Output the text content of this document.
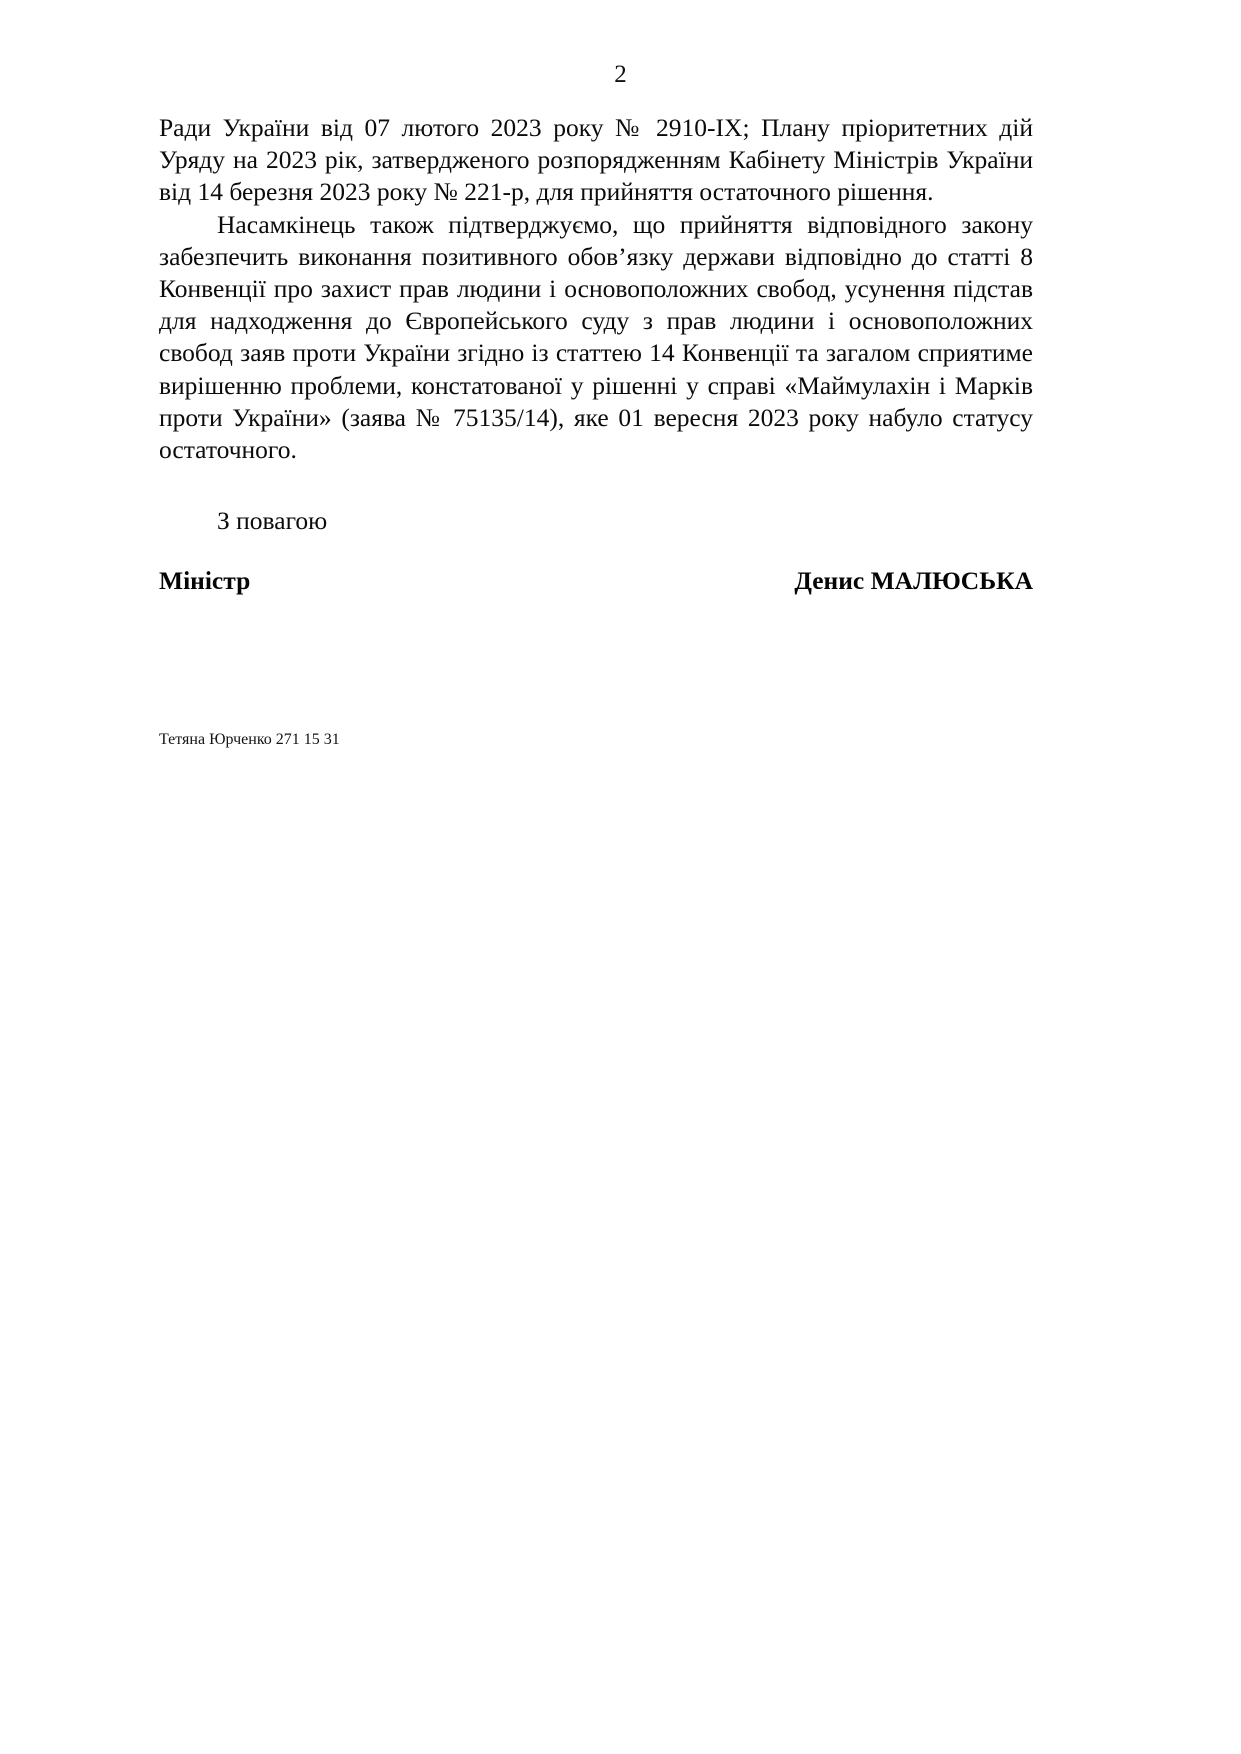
2

Ради України від 07 лютого 2023 року № 2910-IX; Плану пріоритетних дій Уряду на 2023 рік, затвердженого розпорядженням Кабінету Міністрів України від 14 березня 2023 року № 221-р, для прийняття остаточного рішення.

Насамкінець також підтверджуємо, що прийняття відповідного закону забезпечить виконання позитивного обов’язку держави відповідно до статті 8 Конвенції про захист прав людини і основоположних свобод, усунення підстав для надходження до Європейського суду з прав людини і основоположних свобод заяв проти України згідно із статтею 14 Конвенції та загалом сприятиме вирішенню проблеми, констатованої у рішенні у справі «Маймулахін і Марків проти України» (заява № 75135/14), яке 01 вересня 2023 року набуло статусу остаточного.

З повагою

Міністр	Денис МАЛЮСЬКА

Тетяна Юрченко 271 15 31
